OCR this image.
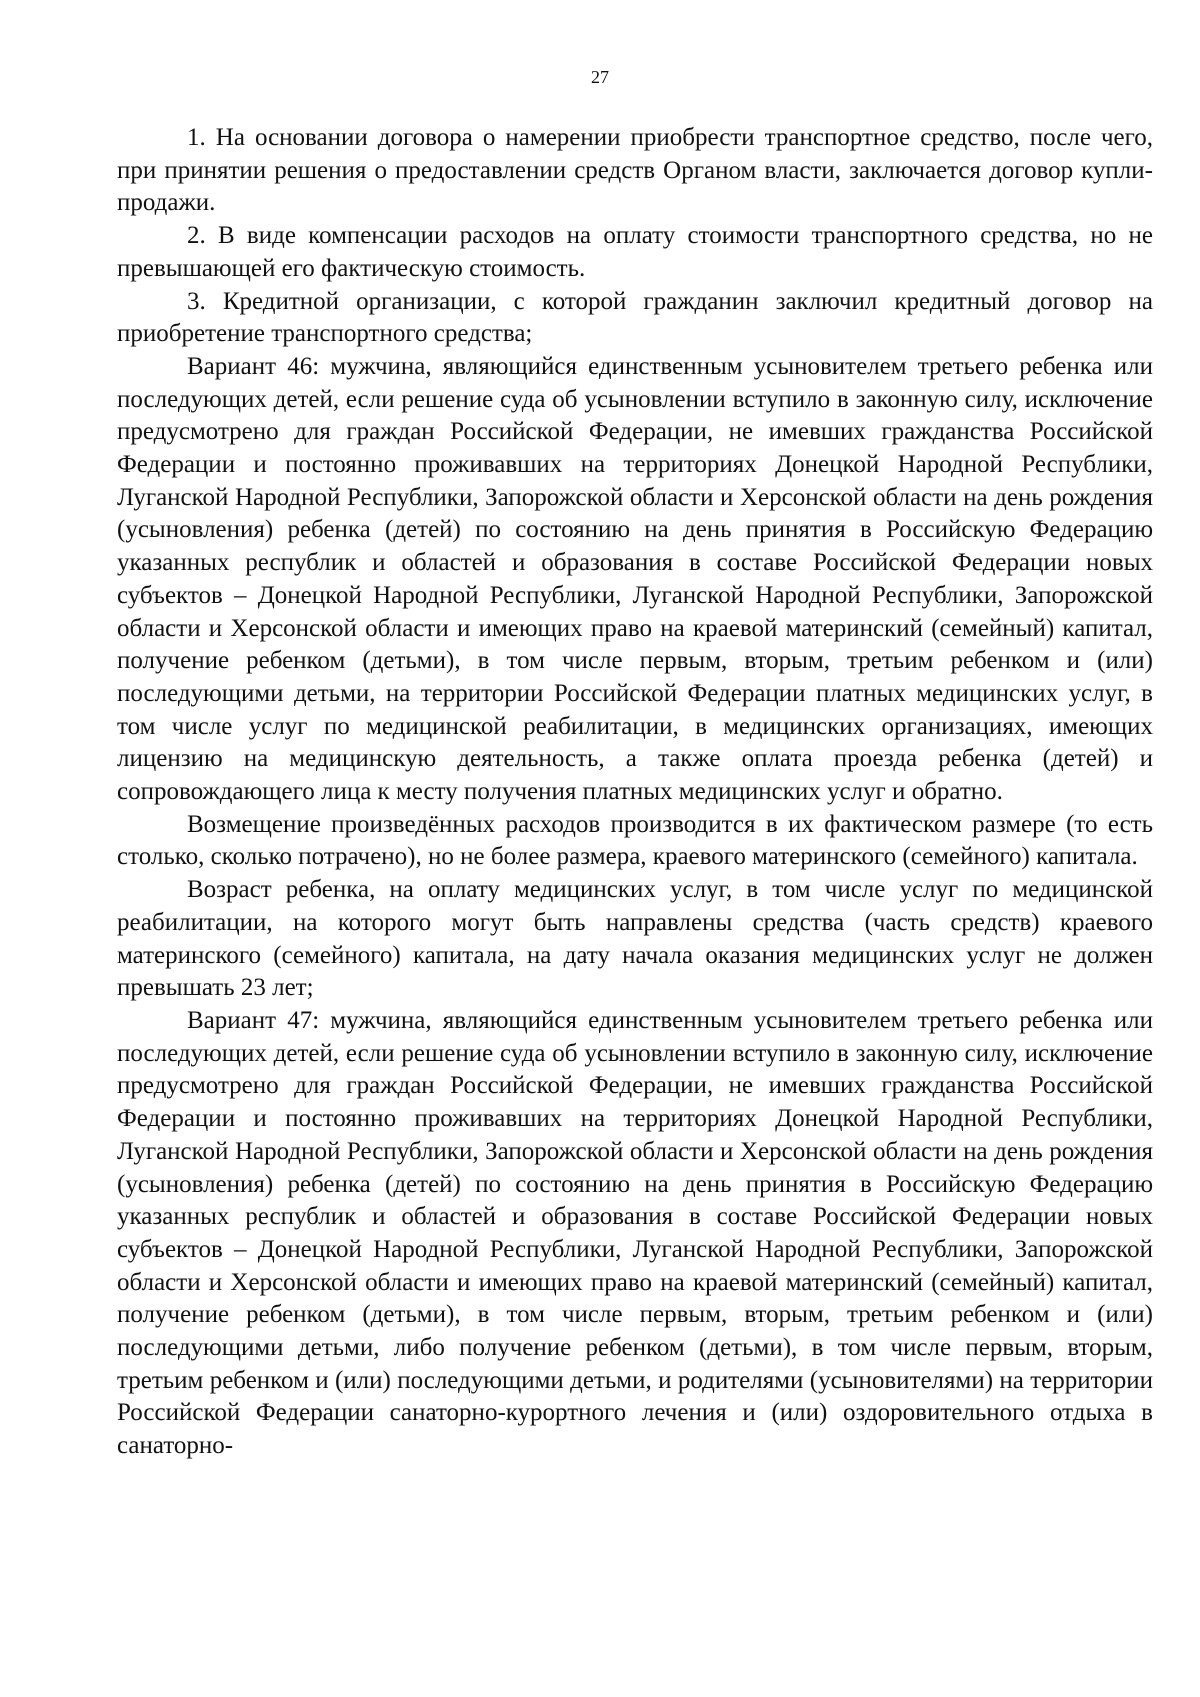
27

1. На основании договора о намерении приобрести транспортное средство, после чего, при принятии решения о предоставлении средств Органом власти, заключается договор купли-продажи.

2. В виде компенсации расходов на оплату стоимости транспортного средства, но не превышающей его фактическую стоимость.

3. Кредитной организации, с которой гражданин заключил кредитный договор на приобретение транспортного средства;

Вариант 46: мужчина, являющийся единственным усыновителем третьего ребенка или последующих детей, если решение суда об усыновлении вступило в законную силу, исключение предусмотрено для граждан Российской Федерации, не имевших гражданства Российской Федерации и постоянно проживавших на территориях Донецкой Народной Республики, Луганской Народной Республики, Запорожской области и Херсонской области на день рождения (усыновления) ребенка (детей) по состоянию на день принятия в Российскую Федерацию указанных республик и областей и образования в составе Российской Федерации новых субъектов – Донецкой Народной Республики, Луганской Народной Республики, Запорожской области и Херсонской области и имеющих право на краевой материнский (семейный) капитал, получение ребенком (детьми), в том числе первым, вторым, третьим ребенком и (или) последующими детьми, на территории Российской Федерации платных медицинских услуг, в том числе услуг по медицинской реабилитации, в медицинских организациях, имеющих лицензию на медицинскую деятельность, а также оплата проезда ребенка (детей) и сопровождающего лица к месту получения платных медицинских услуг и обратно.

Возмещение произведённых расходов производится в их фактическом размере (то есть столько, сколько потрачено), но не более размера, краевого материнского (семейного) капитала.

Возраст ребенка, на оплату медицинских услуг, в том числе услуг по медицинской реабилитации, на которого могут быть направлены средства (часть средств) краевого материнского (семейного) капитала, на дату начала оказания медицинских услуг не должен превышать 23 лет;

Вариант 47: мужчина, являющийся единственным усыновителем третьего ребенка или последующих детей, если решение суда об усыновлении вступило в законную силу, исключение предусмотрено для граждан Российской Федерации, не имевших гражданства Российской Федерации и постоянно проживавших на территориях Донецкой Народной Республики, Луганской Народной Республики, Запорожской области и Херсонской области на день рождения (усыновления) ребенка (детей) по состоянию на день принятия в Российскую Федерацию указанных республик и областей и образования в составе Российской Федерации новых субъектов – Донецкой Народной Республики, Луганской Народной Республики, Запорожской области и Херсонской области и имеющих право на краевой материнский (семейный) капитал, получение ребенком (детьми), в том числе первым, вторым, третьим ребенком и (или) последующими детьми, либо получение ребенком (детьми), в том числе первым, вторым, третьим ребенком и (или) последующими детьми, и родителями (усыновителями) на территории Российской Федерации санаторно-курортного лечения и (или) оздоровительного отдыха в санаторно-
